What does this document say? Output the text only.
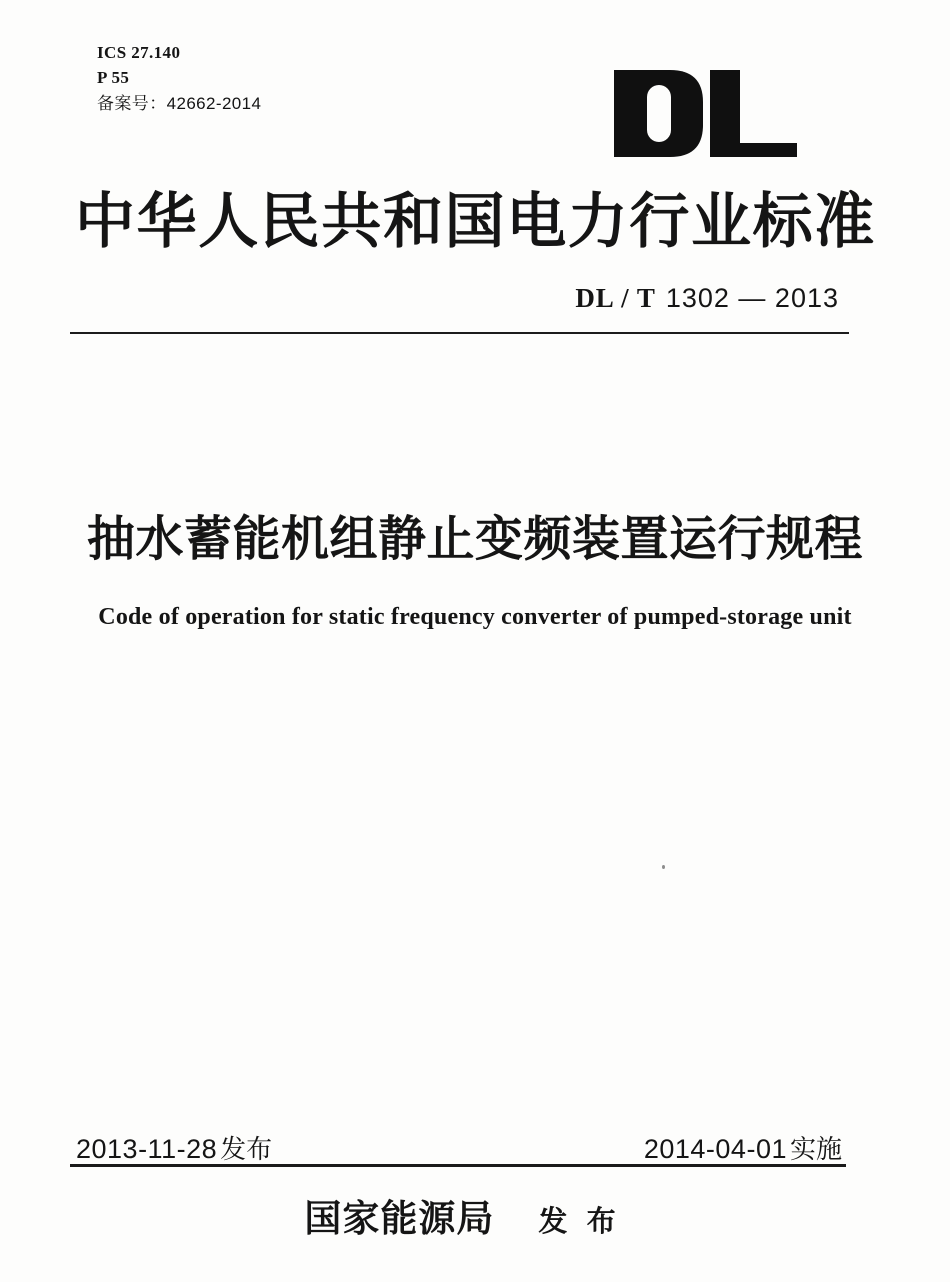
ICS 27.140
P 55
备案号：42662-2014
中华人民共和国电力行业标准
DL / T 1302 — 2013
抽水蓄能机组静止变频装置运行规程
Code of operation for static frequency converter of pumped-storage unit
2013-11-28 发布	2014-04-01 实施
国家能源局 发 布
